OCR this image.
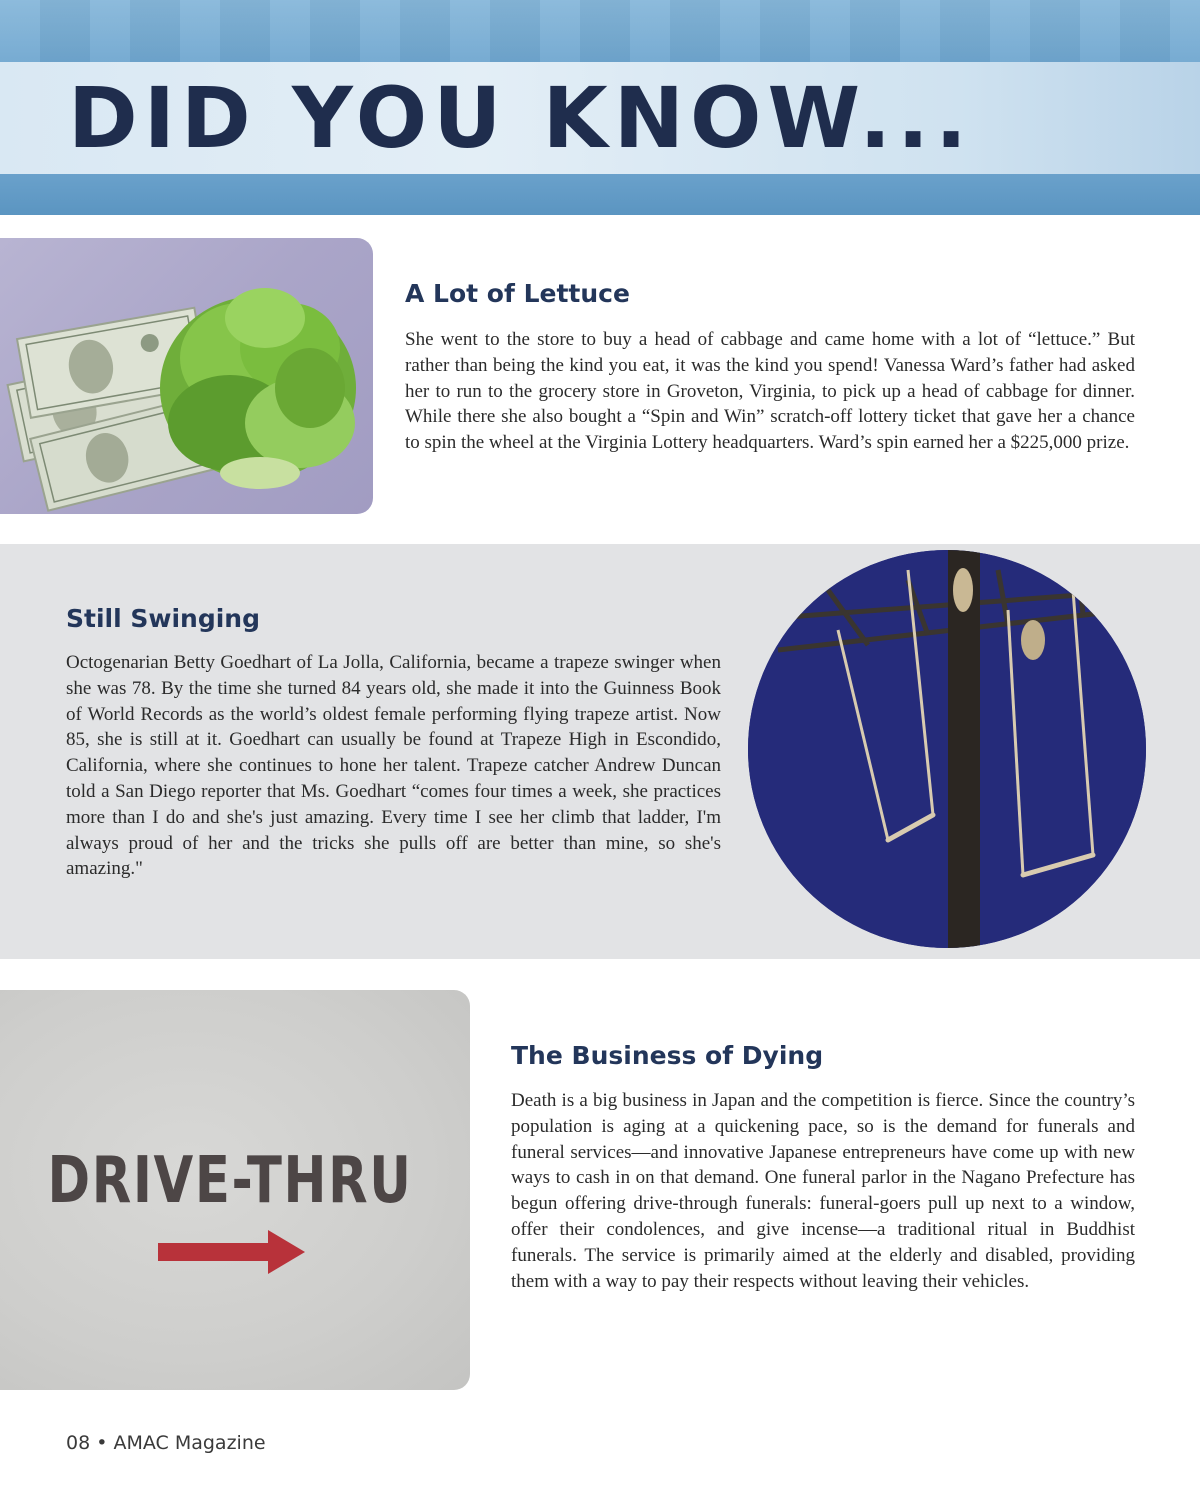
DID YOU KNOW...
A Lot of Lettuce

She went to the store to buy a head of cabbage and came home with a lot of “lettuce.” But rather than being the kind you eat, it was the kind you spend! Vanessa Ward’s father had asked her to run to the grocery store in Groveton, Virginia, to pick up a head of cabbage for dinner. While there she also bought a “Spin and Win” scratch-off lottery ticket that gave her a chance to spin the wheel at the Virginia Lottery headquarters. Ward’s spin earned her a $225,000 prize.

Still Swinging

Octogenarian Betty Goedhart of La Jolla, California, became a trapeze swinger when she was 78. By the time she turned 84 years old, she made it into the Guinness Book of World Records as the world’s oldest female performing flying trapeze artist. Now 85, she is still at it. Goedhart can usually be found at Trapeze High in Escondido, California, where she continues to hone her talent. Trapeze catcher Andrew Duncan told a San Diego reporter that Ms. Goedhart “comes four times a week, she practices more than I do and she's just amazing. Every time I see her climb that ladder, I'm always proud of her and the tricks she pulls off are better than mine, so she's amazing."

DRIVE-THRU
The Business of Dying

Death is a big business in Japan and the competition is fierce. Since the country’s population is aging at a quickening pace, so is the demand for funerals and funeral services—and innovative Japanese entrepreneurs have come up with new ways to cash in on that demand. One funeral parlor in the Nagano Prefecture has begun offering drive-through funerals: funeral-goers pull up next to a window, offer their condolences, and give incense—a traditional ritual in Buddhist funerals. The service is primarily aimed at the elderly and disabled, providing them with a way to pay their respects without leaving their vehicles.

08 • AMAC Magazine
